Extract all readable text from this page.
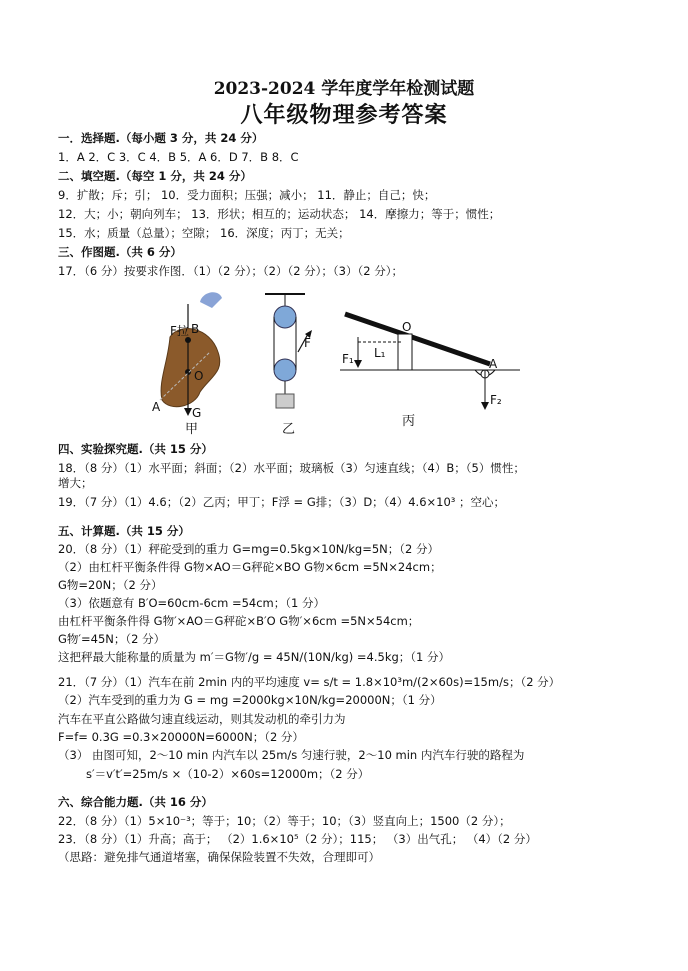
2023-2024 学年度学年检测试题
八年级物理参考答案
一．选择题.（每小题 3 分，共 24 分）
1．A 2．C 3．C 4．B 5．A 6．D 7．B 8．C
二、填空题.（每空 1 分，共 24 分）
9．扩散；斥；引； 10．受力面积；压强；减小； 11．静止；自己；快；
12．大；小；朝向列车； 13．形状；相互的；运动状态； 14．摩擦力；等于；惯性；
15．水；质量（总量）；空隙； 16．深度；丙丁；无关；
三、作图题.（共 6 分）
17．（6 分）按要求作图．（1）（2 分）；（2）（2 分）；（3）（2 分）；
F拉 B
O
A	G
F
O
L₁
F₁	A
F₂
甲	乙
丙
四、实验探究题.（共 15 分）
18．（8 分）（1）水平面；斜面；（2）水平面；玻璃板（3）匀速直线；（4）B；（5）惯性；
增大；
19．（7 分）（1）4.6；（2）乙丙；甲丁；F浮 = G排；（3）D；（4）4.6×10³ ；空心；
五、计算题.（共 15 分）
20．（8 分）（1）秤砣受到的重力 G=mg=0.5kg×10N/kg=5N；（2 分）
（2）由杠杆平衡条件得 G物×AO＝G秤砣×BO G物×6cm =5N×24cm；
G物=20N；（2 分）
（3）依题意有 B′O=60cm-6cm =54cm；（1 分）
由杠杆平衡条件得 G物′×AO＝G秤砣×B′O G物′×6cm =5N×54cm；
G物′=45N；（2 分）
这把秤最大能称量的质量为 m′＝G物′/g = 45N/(10N/kg) =4.5kg；（1 分）
21．（7 分）（1）汽车在前 2min 内的平均速度 v= s/t = 1.8×10³m/(2×60s)=15m/s；（2 分）
（2）汽车受到的重力为 G = mg =2000kg×10N/kg=20000N；（1 分）
汽车在平直公路做匀速直线运动，则其发动机的牵引力为
F=f= 0.3G =0.3×20000N=6000N；（2 分）
（3） 由图可知，2～10 min 内汽车以 25m/s 匀速行驶，2～10 min 内汽车行驶的路程为
s′＝v′t′=25m/s ×（10-2）×60s=12000m；（2 分）
六、综合能力题.（共 16 分）
22．（8 分）（1）5×10⁻³；等于；10；（2）等于；10；（3）竖直向上；1500（2 分）；
23．（8 分）（1）升高；高于； （2）1.6×10⁵（2 分）；115； （3）出气孔； （4）（2 分）
（思路：避免排气通道堵塞，确保保险装置不失效，合理即可）
